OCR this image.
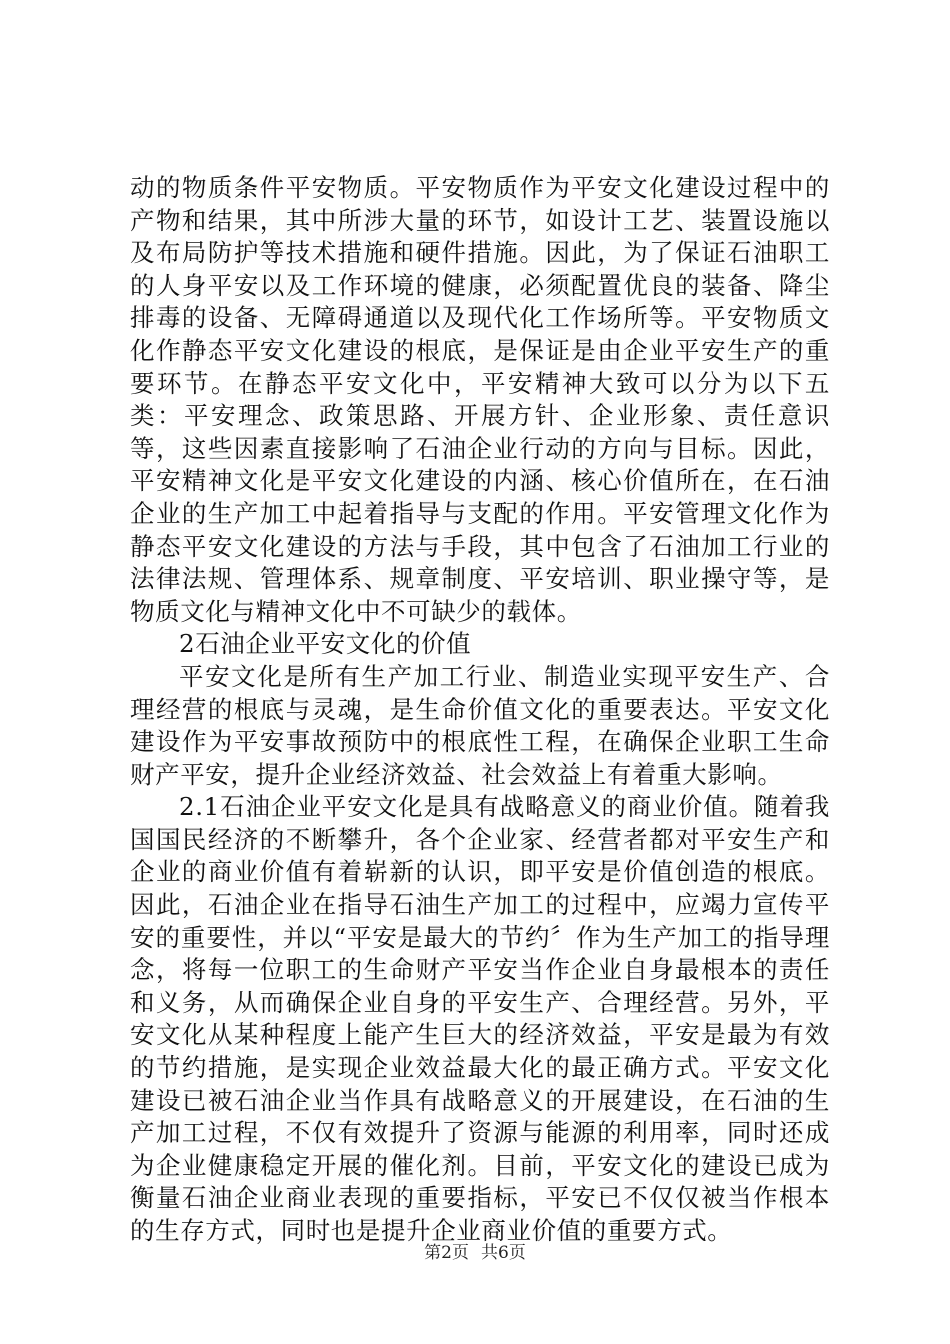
动的物质条件平安物质。平安物质作为平安文化建设过程中的产物和结果，其中所涉大量的环节，如设计工艺、装置设施以及布局防护等技术措施和硬件措施。因此，为了保证石油职工的人身平安以及工作环境的健康，必须配置优良的装备、降尘排毒的设备、无障碍通道以及现代化工作场所等。平安物质文化作静态平安文化建设的根底，是保证是由企业平安生产的重要环节。在静态平安文化中，平安精神大致可以分为以下五类：平安理念、政策思路、开展方针、企业形象、责任意识等，这些因素直接影响了石油企业行动的方向与目标。因此，平安精神文化是平安文化建设的内涵、核心价值所在，在石油企业的生产加工中起着指导与支配的作用。平安管理文化作为静态平安文化建设的方法与手段，其中包含了石油加工行业的法律法规、管理体系、规章制度、平安培训、职业操守等，是物质文化与精神文化中不可缺少的载体。

2石油企业平安文化的价值

平安文化是所有生产加工行业、制造业实现平安生产、合理经营的根底与灵魂，是生命价值文化的重要表达。平安文化建设作为平安事故预防中的根底性工程，在确保企业职工生命财产平安，提升企业经济效益、社会效益上有着重大影响。

2.1石油企业平安文化是具有战略意义的商业价值。随着我国国民经济的不断攀升，各个企业家、经营者都对平安生产和企业的商业价值有着崭新的认识，即平安是价值创造的根底。因此，石油企业在指导石油生产加工的过程中，应竭力宣传平安的重要性，并以“平安是最大的节约〞作为生产加工的指导理念，将每一位职工的生命财产平安当作企业自身最根本的责任和义务，从而确保企业自身的平安生产、合理经营。另外，平安文化从某种程度上能产生巨大的经济效益，平安是最为有效的节约措施，是实现企业效益最大化的最正确方式。平安文化建设已被石油企业当作具有战略意义的开展建设，在石油的生产加工过程，不仅有效提升了资源与能源的利用率，同时还成为企业健康稳定开展的催化剂。目前，平安文化的建设已成为衡量石油企业商业表现的重要指标，平安已不仅仅被当作根本的生存方式，同时也是提升企业商业价值的重要方式。

第2页 共6页
